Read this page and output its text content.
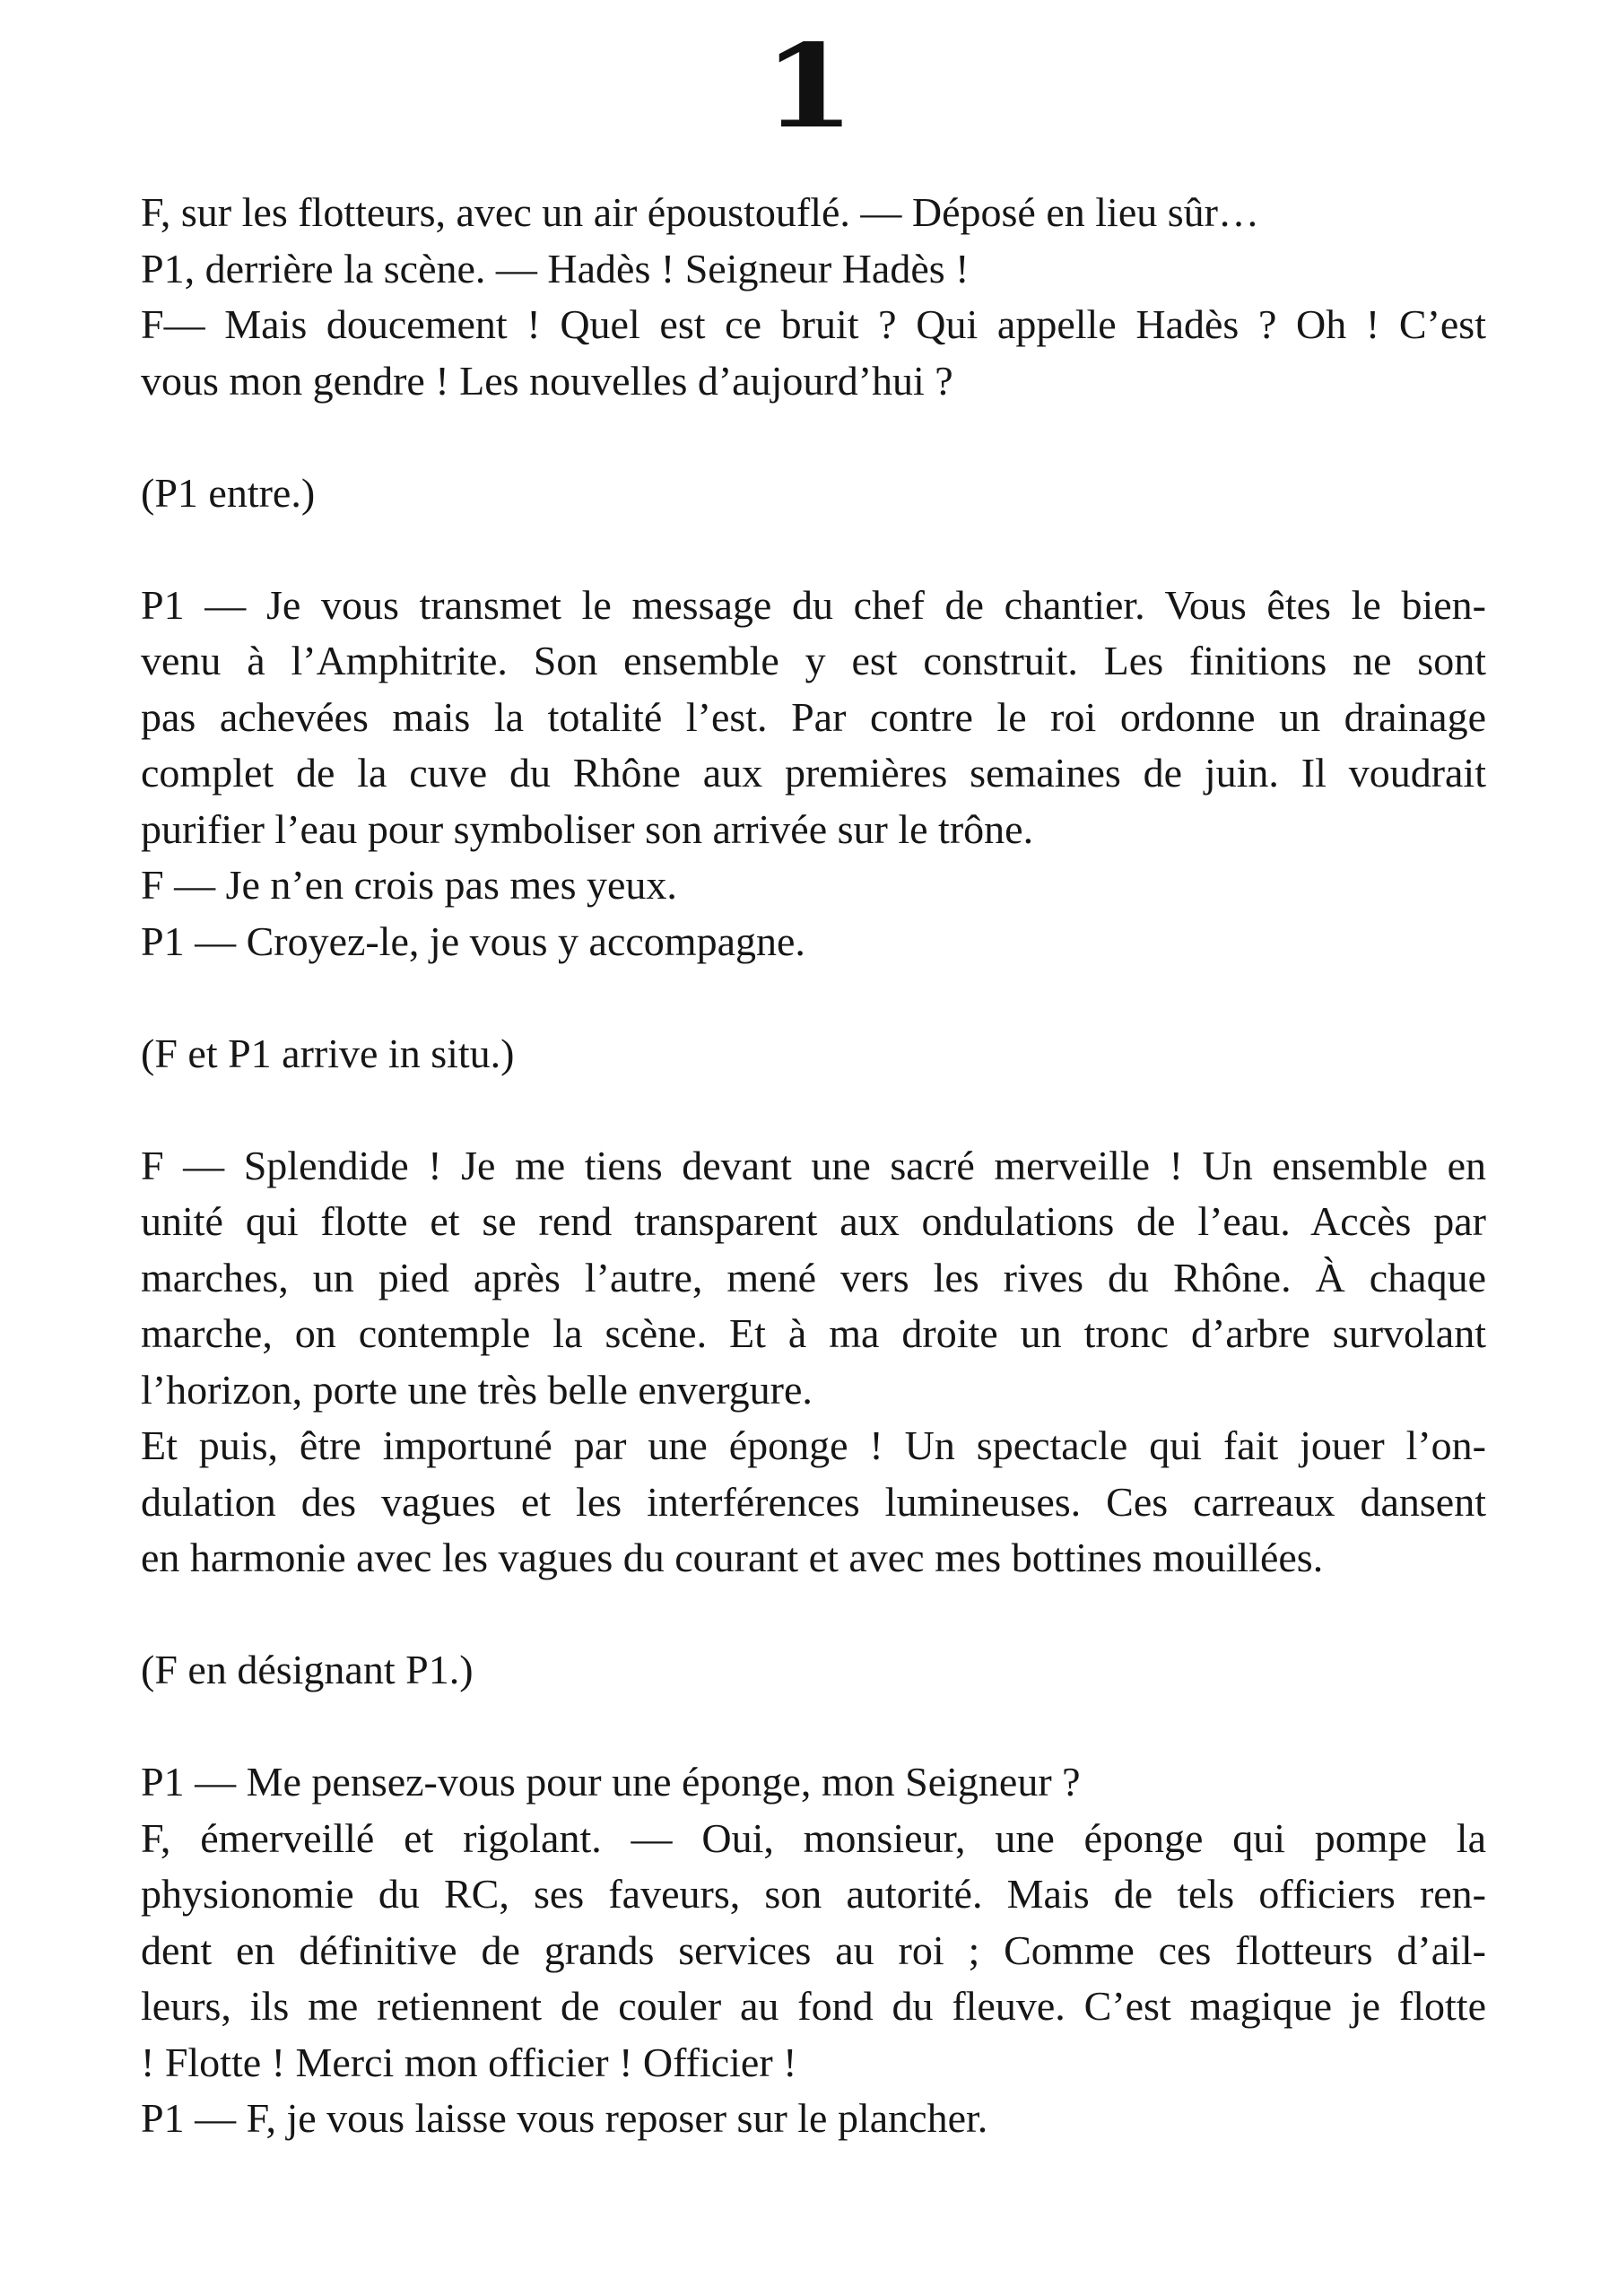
1
F, sur les flotteurs, avec un air époustouflé. — Déposé en lieu sûr…
P1, derrière la scène. — Hadès ! Seigneur Hadès !
F— Mais doucement ! Quel est ce bruit ? Qui appelle Hadès ? Oh ! C’est
vous mon gendre ! Les nouvelles d’aujourd’hui ?
(P1 entre.)
P1 — Je vous transmet le message du chef de chantier. Vous êtes le bien-
venu à l’Amphitrite. Son ensemble y est construit. Les finitions ne sont
pas achevées mais la totalité l’est. Par contre le roi ordonne un drainage
complet de la cuve du Rhône aux premières semaines de juin. Il voudrait
purifier l’eau pour symboliser son arrivée sur le trône.
F — Je n’en crois pas mes yeux.
P1 — Croyez-le, je vous y accompagne.
(F et P1 arrive in situ.)
F — Splendide ! Je me tiens devant une sacré merveille ! Un ensemble en
unité qui flotte et se rend transparent aux ondulations de l’eau. Accès par
marches, un pied après l’autre, mené vers les rives du Rhône. À chaque
marche, on contemple la scène. Et à ma droite un tronc d’arbre survolant
l’horizon, porte une très belle envergure.
Et puis, être importuné par une éponge ! Un spectacle qui fait jouer l’on-
dulation des vagues et les interférences lumineuses. Ces carreaux dansent
en harmonie avec les vagues du courant et avec mes bottines mouillées.
(F en désignant P1.)
P1 — Me pensez-vous pour une éponge, mon Seigneur ?
F, émerveillé et rigolant. — Oui, monsieur, une éponge qui pompe la
physionomie du RC, ses faveurs, son autorité. Mais de tels officiers ren-
dent en définitive de grands services au roi ; Comme ces flotteurs d’ail-
leurs, ils me retiennent de couler au fond du fleuve. C’est magique je flotte
! Flotte ! Merci mon officier ! Officier !
P1 — F, je vous laisse vous reposer sur le plancher.
